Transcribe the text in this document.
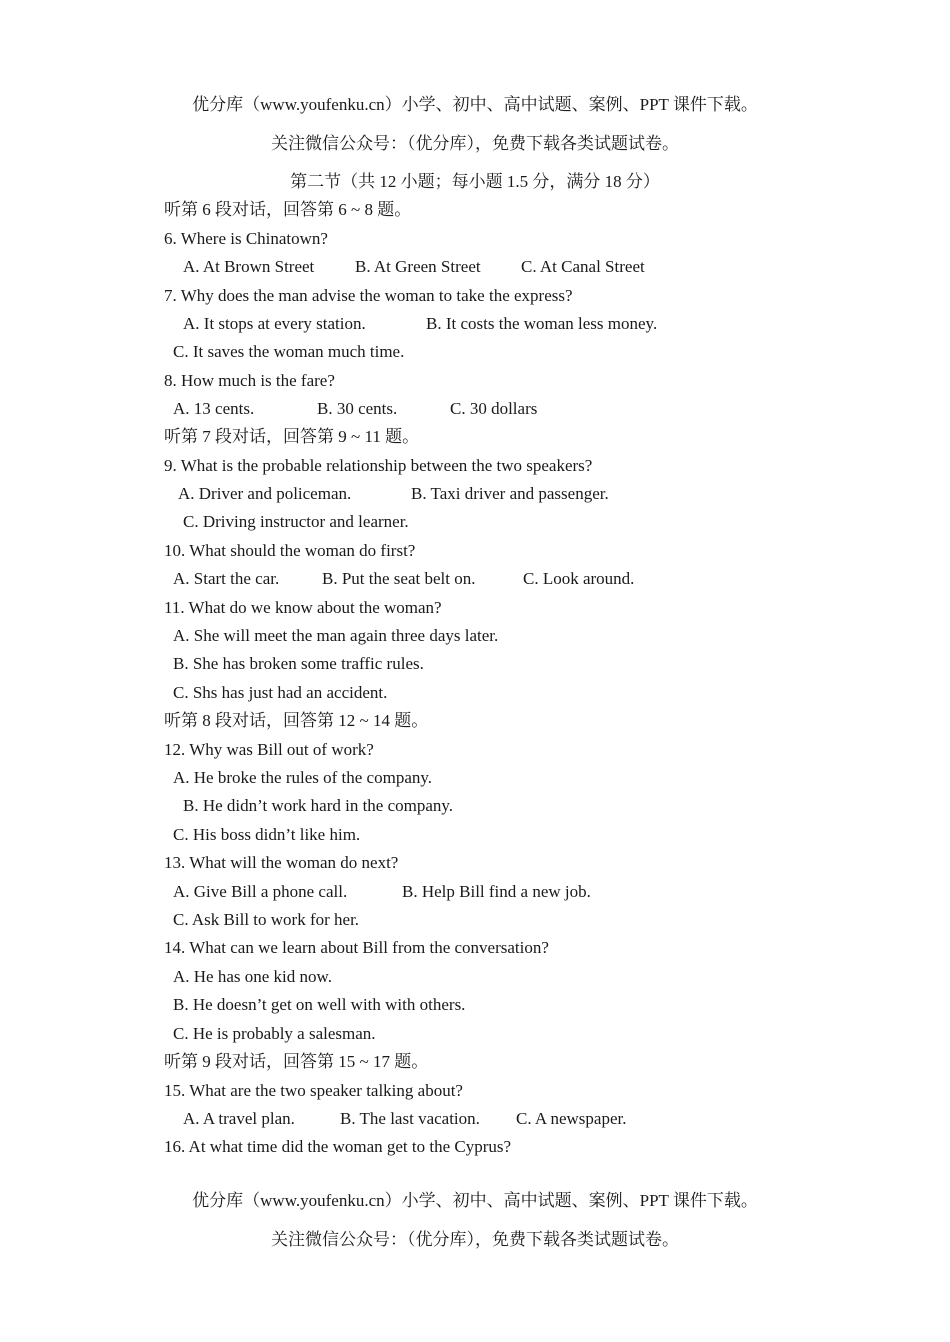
优分库（www.youfenku.cn）小学、初中、高中试题、案例、PPT 课件下载。
关注微信公众号：（优分库），免费下载各类试题试卷。
第二节（共 12 小题；每小题 1.5 分，满分 18 分）
听第 6 段对话，回答第 6 ~ 8 题。
6. Where is Chinatown?
A. At Brown Street B. At Green Street C. At Canal Street
7. Why does the man advise the woman to take the express?
A. It stops at every station.	B. It costs the woman less money.
C. It saves the woman much time.
8. How much is the fare?
A. 13 cents.	B. 30 cents.	C. 30 dollars
听第 7 段对话，回答第 9 ~ 11 题。
9. What is the probable relationship between the two speakers?
A. Driver and policeman.	B. Taxi driver and passenger.
C. Driving instructor and learner.
10. What should the woman do first?
A. Start the car.	B. Put the seat belt on.	C. Look around.
11. What do we know about the woman?
A. She will meet the man again three days later.
B. She has broken some traffic rules.
C. Shs has just had an accident.
听第 8 段对话，回答第 12 ~ 14 题。
12. Why was Bill out of work?
A. He broke the rules of the company.
B. He didn’t work hard in the company.
C. His boss didn’t like him.
13. What will the woman do next?
A. Give Bill a phone call.	B. Help Bill find a new job.
C. Ask Bill to work for her.
14. What can we learn about Bill from the conversation?
A. He has one kid now.
B. He doesn’t get on well with with others.
C. He is probably a salesman.
听第 9 段对话，回答第 15 ~ 17 题。
15. What are the two speaker talking about?
A. A travel plan.	B. The last vacation. C. A newspaper.
16. At what time did the woman get to the Cyprus?
优分库（www.youfenku.cn）小学、初中、高中试题、案例、PPT 课件下载。
关注微信公众号：（优分库），免费下载各类试题试卷。
